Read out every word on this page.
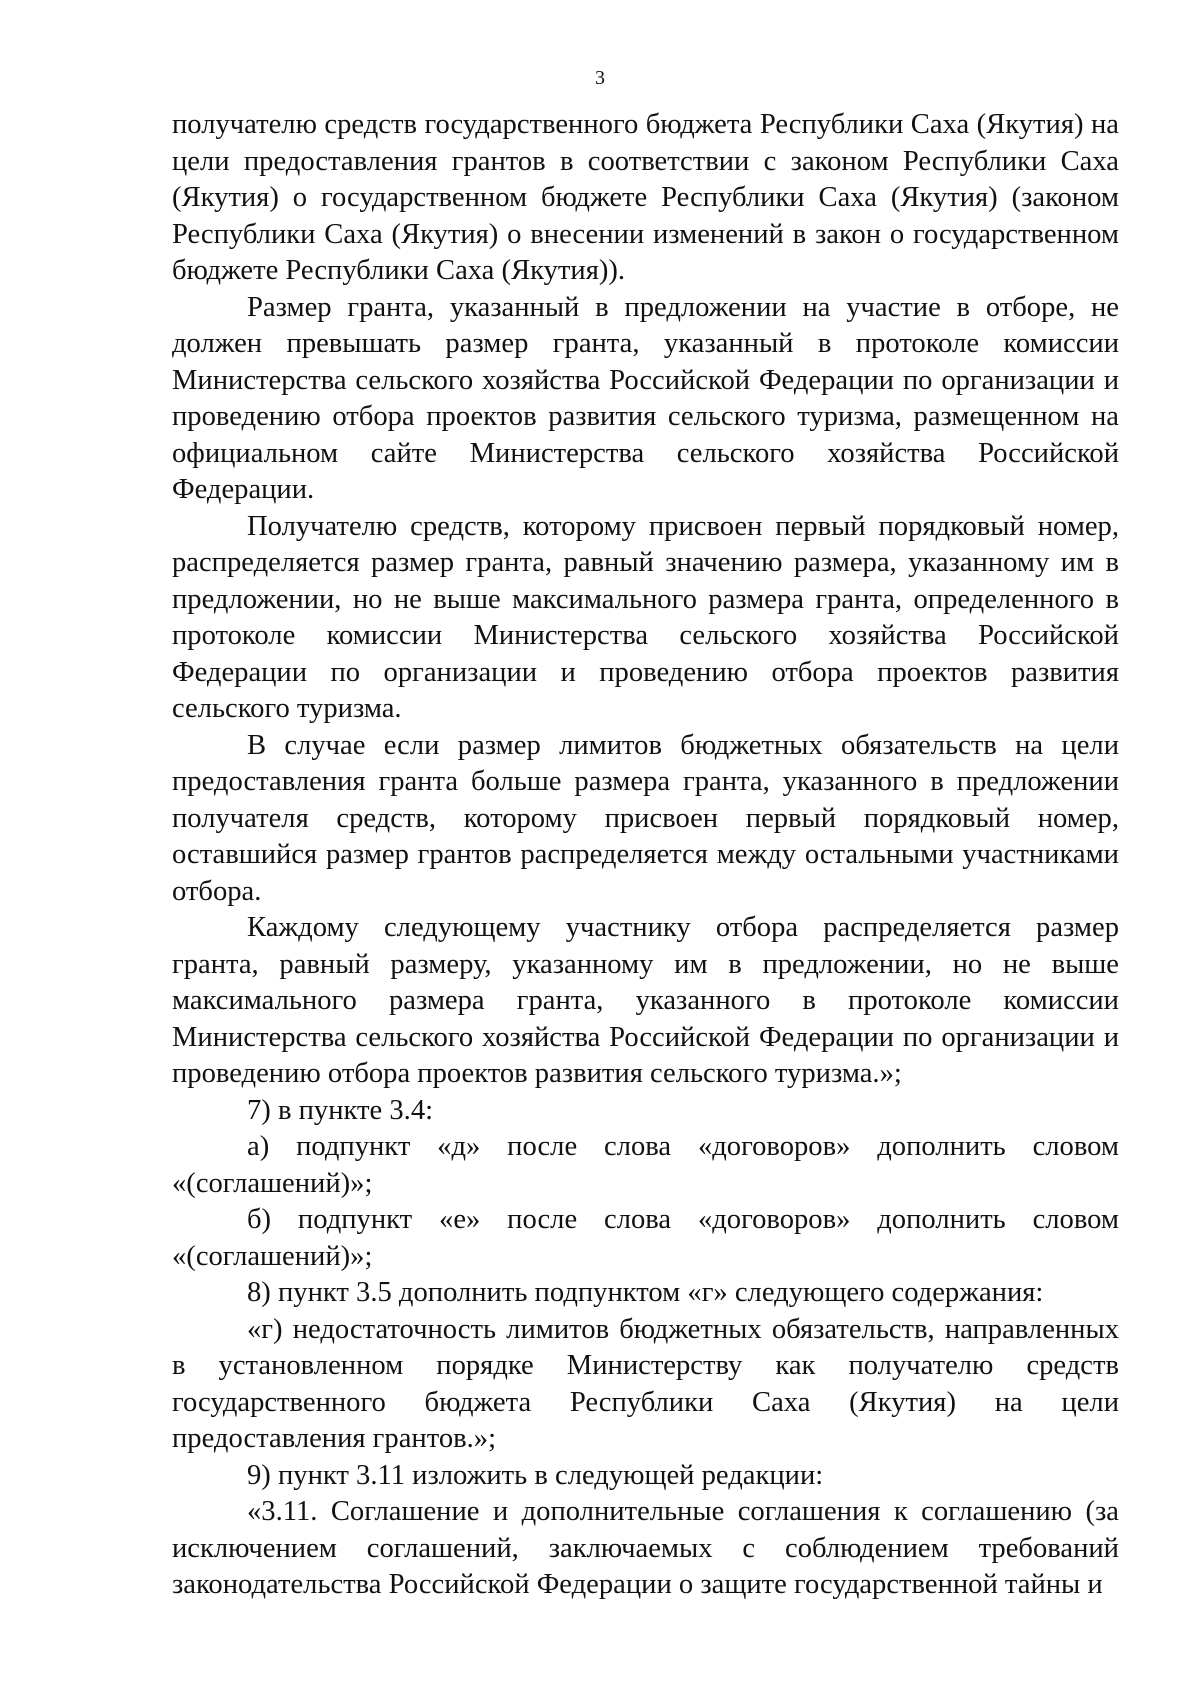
3

получателю средств государственного бюджета Республики Саха (Якутия) на цели предоставления грантов в соответствии с законом Республики Саха (Якутия) о государственном бюджете Республики Саха (Якутия) (законом Республики Саха (Якутия) о внесении изменений в закон о государственном бюджете Республики Саха (Якутия)).

Размер гранта, указанный в предложении на участие в отборе, не должен превышать размер гранта, указанный в протоколе комиссии Министерства сельского хозяйства Российской Федерации по организации и проведению отбора проектов развития сельского туризма, размещенном на официальном сайте Министерства сельского хозяйства Российской Федерации.

Получателю средств, которому присвоен первый порядковый номер, распределяется размер гранта, равный значению размера, указанному им в предложении, но не выше максимального размера гранта, определенного в протоколе комиссии Министерства сельского хозяйства Российской Федерации по организации и проведению отбора проектов развития сельского туризма.

В случае если размер лимитов бюджетных обязательств на цели предоставления гранта больше размера гранта, указанного в предложении получателя средств, которому присвоен первый порядковый номер, оставшийся размер грантов распределяется между остальными участниками отбора.

Каждому следующему участнику отбора распределяется размер гранта, равный размеру, указанному им в предложении, но не выше максимального размера гранта, указанного в протоколе комиссии Министерства сельского хозяйства Российской Федерации по организации и проведению отбора проектов развития сельского туризма.»;

7) в пункте 3.4:

а) подпункт «д» после слова «договоров» дополнить словом «(соглашений)»;

б) подпункт «е» после слова «договоров» дополнить словом «(соглашений)»;

8) пункт 3.5 дополнить подпунктом «г» следующего содержания:

«г) недостаточность лимитов бюджетных обязательств, направленных в установленном порядке Министерству как получателю средств государственного бюджета Республики Саха (Якутия) на цели предоставления грантов.»;

9) пункт 3.11 изложить в следующей редакции:

«3.11. Соглашение и дополнительные соглашения к соглашению (за исключением соглашений, заключаемых с соблюдением требований законодательства Российской Федерации о защите государственной тайны и
